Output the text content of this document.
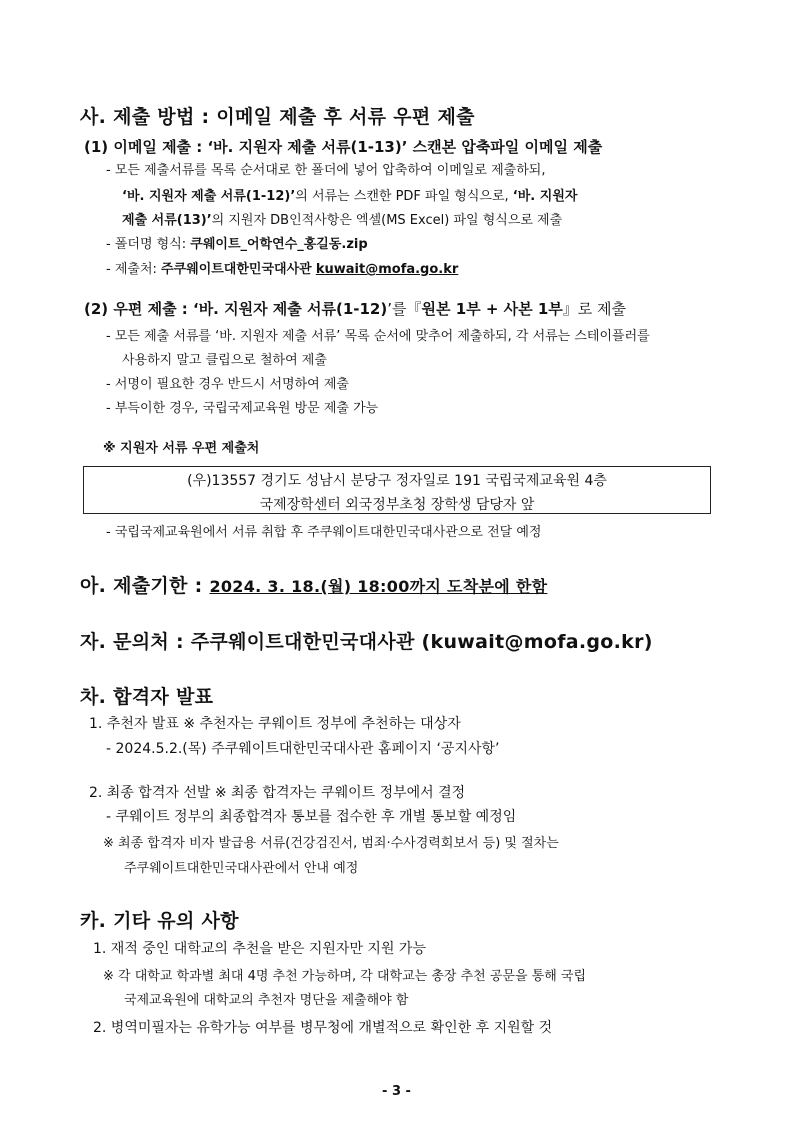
사. 제출 방법 : 이메일 제출 후 서류 우편 제출
(1) 이메일 제출 : ‘바. 지원자 제출 서류(1-13)’ 스캔본 압축파일 이메일 제출
- 모든 제출서류를 목록 순서대로 한 폴더에 넣어 압축하여 이메일로 제출하되,
‘바. 지원자 제출 서류(1-12)’의 서류는 스캔한 PDF 파일 형식으로, ‘바. 지원자
제출 서류(13)’의 지원자 DB인적사항은 엑셀(MS Excel) 파일 형식으로 제출
- 폴더명 형식: 쿠웨이트_어학연수_홍길동.zip
- 제출처: 주쿠웨이트대한민국대사관 kuwait@mofa.go.kr
(2) 우편 제출 : ‘바. 지원자 제출 서류(1-12)’를『원본 1부 + 사본 1부』로 제출
- 모든 제출 서류를 ‘바. 지원자 제출 서류’ 목록 순서에 맞추어 제출하되, 각 서류는 스테이플러를
사용하지 말고 클립으로 철하여 제출
- 서명이 필요한 경우 반드시 서명하여 제출
- 부득이한 경우, 국립국제교육원 방문 제출 가능
※ 지원자 서류 우편 제출처
(우)13557 경기도 성남시 분당구 정자일로 191 국립국제교육원 4층
국제장학센터 외국정부초청 장학생 담당자 앞
- 국립국제교육원에서 서류 취합 후 주쿠웨이트대한민국대사관으로 전달 예정
아. 제출기한 : 2024. 3. 18.(월) 18:00까지 도착분에 한함
자. 문의처 : 주쿠웨이트대한민국대사관 (kuwait@mofa.go.kr)
차. 합격자 발표
1. 추천자 발표 ※ 추천자는 쿠웨이트 정부에 추천하는 대상자
- 2024.5.2.(목) 주쿠웨이트대한민국대사관 홈페이지 ‘공지사항’
2. 최종 합격자 선발 ※ 최종 합격자는 쿠웨이트 정부에서 결정
- 쿠웨이트 정부의 최종합격자 통보를 접수한 후 개별 통보할 예정임
※ 최종 합격자 비자 발급용 서류(건강검진서, 범죄·수사경력회보서 등) 및 절차는
주쿠웨이트대한민국대사관에서 안내 예정
카. 기타 유의 사항
1. 재적 중인 대학교의 추천을 받은 지원자만 지원 가능
※ 각 대학교 학과별 최대 4명 추천 가능하며, 각 대학교는 총장 추천 공문을 통해 국립
국제교육원에 대학교의 추천자 명단을 제출해야 함
2. 병역미필자는 유학가능 여부를 병무청에 개별적으로 확인한 후 지원할 것
- 3 -
